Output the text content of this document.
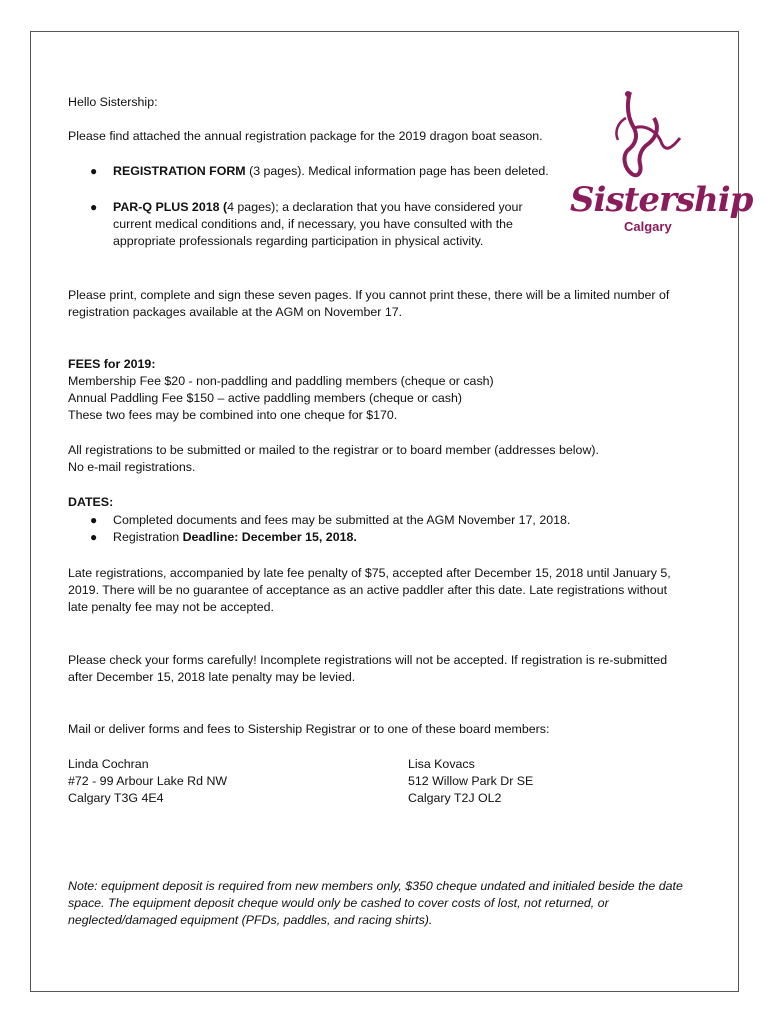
Hello Sistership:
Please find attached the annual registration package for the 2019 dragon boat season.
● REGISTRATION FORM (3 pages). Medical information page has been deleted.
● PAR-Q PLUS 2018 (4 pages); a declaration that you have considered your
current medical conditions and, if necessary, you have consulted with the
appropriate professionals regarding participation in physical activity.
Sistership
Calgary
Please print, complete and sign these seven pages. If you cannot print these, there will be a limited number of
registration packages available at the AGM on November 17.
FEES for 2019:
Membership Fee $20 - non-paddling and paddling members (cheque or cash)
Annual Paddling Fee $150 – active paddling members (cheque or cash)
These two fees may be combined into one cheque for $170.
All registrations to be submitted or mailed to the registrar or to board member (addresses below).
No e-mail registrations.
DATES:
● Completed documents and fees may be submitted at the AGM November 17, 2018.
● Registration Deadline: December 15, 2018.
Late registrations, accompanied by late fee penalty of $75, accepted after December 15, 2018 until January 5,
2019. There will be no guarantee of acceptance as an active paddler after this date. Late registrations without
late penalty fee may not be accepted.
Please check your forms carefully! Incomplete registrations will not be accepted. If registration is re-submitted
after December 15, 2018 late penalty may be levied.
Mail or deliver forms and fees to Sistership Registrar or to one of these board members:
Linda Cochran
#72 - 99 Arbour Lake Rd NW
Calgary T3G 4E4
Lisa Kovacs
512 Willow Park Dr SE
Calgary T2J OL2
Note: equipment deposit is required from new members only, $350 cheque undated and initialed beside the date
space. The equipment deposit cheque would only be cashed to cover costs of lost, not returned, or
neglected/damaged equipment (PFDs, paddles, and racing shirts).
